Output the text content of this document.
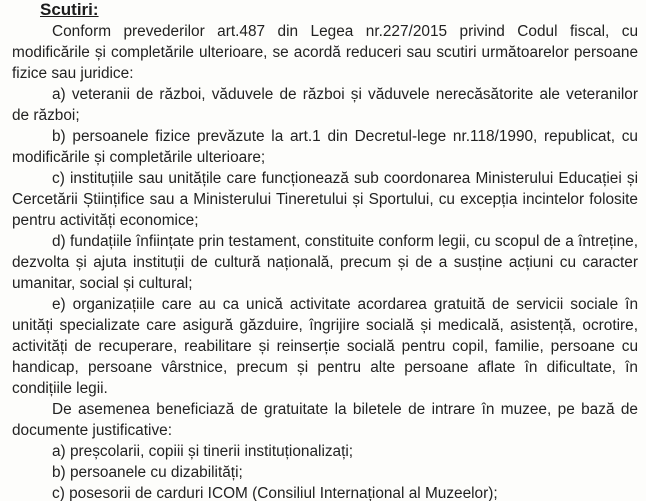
Scutiri:

Conform prevederilor art.487 din Legea nr.227/2015 privind Codul fiscal, cu modificările și completările ulterioare, se acordă reduceri sau scutiri următoarelor persoane fizice sau juridice:

a) veteranii de război, văduvele de război și văduvele nerecăsătorite ale veteranilor de război;

b) persoanele fizice prevăzute la art.1 din Decretul-lege nr.118/1990, republicat, cu modificările și completările ulterioare;

c) instituțiile sau unitățile care funcționează sub coordonarea Ministerului Educației și Cercetării Științifice sau a Ministerului Tineretului și Sportului, cu excepția incintelor folosite pentru activități economice;

d) fundațiile înființate prin testament, constituite conform legii, cu scopul de a întreține, dezvolta și ajuta instituții de cultură națională, precum și de a susține acțiuni cu caracter umanitar, social și cultural;

e) organizațiile care au ca unică activitate acordarea gratuită de servicii sociale în unități specializate care asigură găzduire, îngrijire socială și medicală, asistență, ocrotire, activități de recuperare, reabilitare și reinserție socială pentru copil, familie, persoane cu handicap, persoane vârstnice, precum și pentru alte persoane aflate în dificultate, în condițiile legii.

De asemenea beneficiază de gratuitate la biletele de intrare în muzee, pe bază de documente justificative:

a) preșcolarii, copiii și tinerii instituționalizați;

b) persoanele cu dizabilități;

c) posesorii de carduri ICOM (Consiliul Internațional al Muzeelor);
